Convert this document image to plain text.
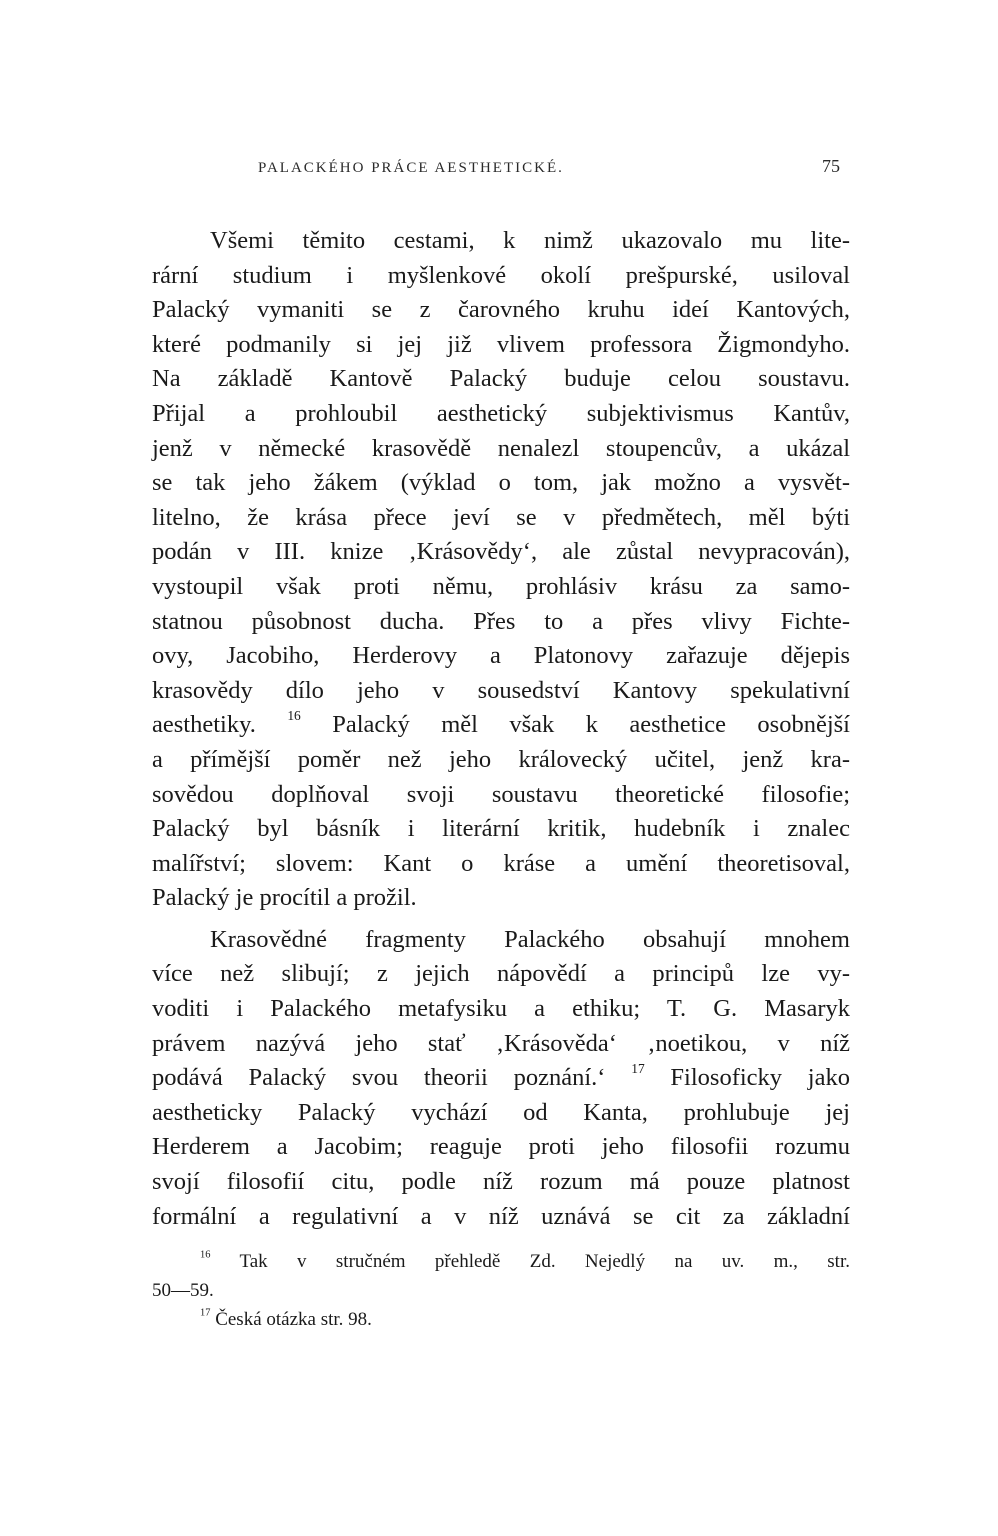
PALACKÉHO PRÁCE AESTHETICKÉ.	75
Všemi těmito cestami, k nimž ukazovalo mu lite-
rární studium i myšlenkové okolí prešpurské, usiloval
Palacký vymaniti se z čarovného kruhu ideí Kantových,
které podmanily si jej již vlivem professora Žigmondyho.
Na základě Kantově Palacký buduje celou soustavu.
Přijal a prohloubil aesthetický subjektivismus Kantův,
jenž v německé krasovědě nenalezl stoupencův, a ukázal
se tak jeho žákem (výklad o tom, jak možno a vysvět-
litelno, že krása přece jeví se v předmětech, měl býti
podán v III. knize ‚Krásovědy‘, ale zůstal nevypracován),
vystoupil však proti němu, prohlásiv krásu za samo-
statnou působnost ducha. Přes to a přes vlivy Fichte-
ovy, Jacobiho, Herderovy a Platonovy zařazuje dějepis
krasovědy dílo jeho v sousedství Kantovy spekulativní
aesthetiky. $^{16}$ Palacký měl však k aesthetice osobnější
a přímější poměr než jeho královecký učitel, jenž kra-
sovědou doplňoval svoji soustavu theoretické filosofie;
Palacký byl básník i literární kritik, hudebník i znalec
malířství; slovem: Kant o kráse a umění theoretisoval,
Palacký je procítil a prožil.
Krasovědné fragmenty Palackého obsahují mnohem
více než slibují; z jejich nápovědí a principů lze vy-
voditi i Palackého metafysiku a ethiku; T. G. Masaryk
právem nazývá jeho stať ‚Krásověda‘ ‚noetikou, v níž
podává Palacký svou theorii poznání.‘ $^{17}$ Filosoficky jako
aestheticky Palacký vychází od Kanta, prohlubuje jej
Herderem a Jacobim; reaguje proti jeho filosofii rozumu
svojí filosofií citu, podle níž rozum má pouze platnost
formální a regulativní a v níž uznává se cit za základní
$^{16}$ Tak v stručném přehledě Zd. Nejedlý na uv. m., str.
50—59.
$^{17}$ Česká otázka str. 98.
